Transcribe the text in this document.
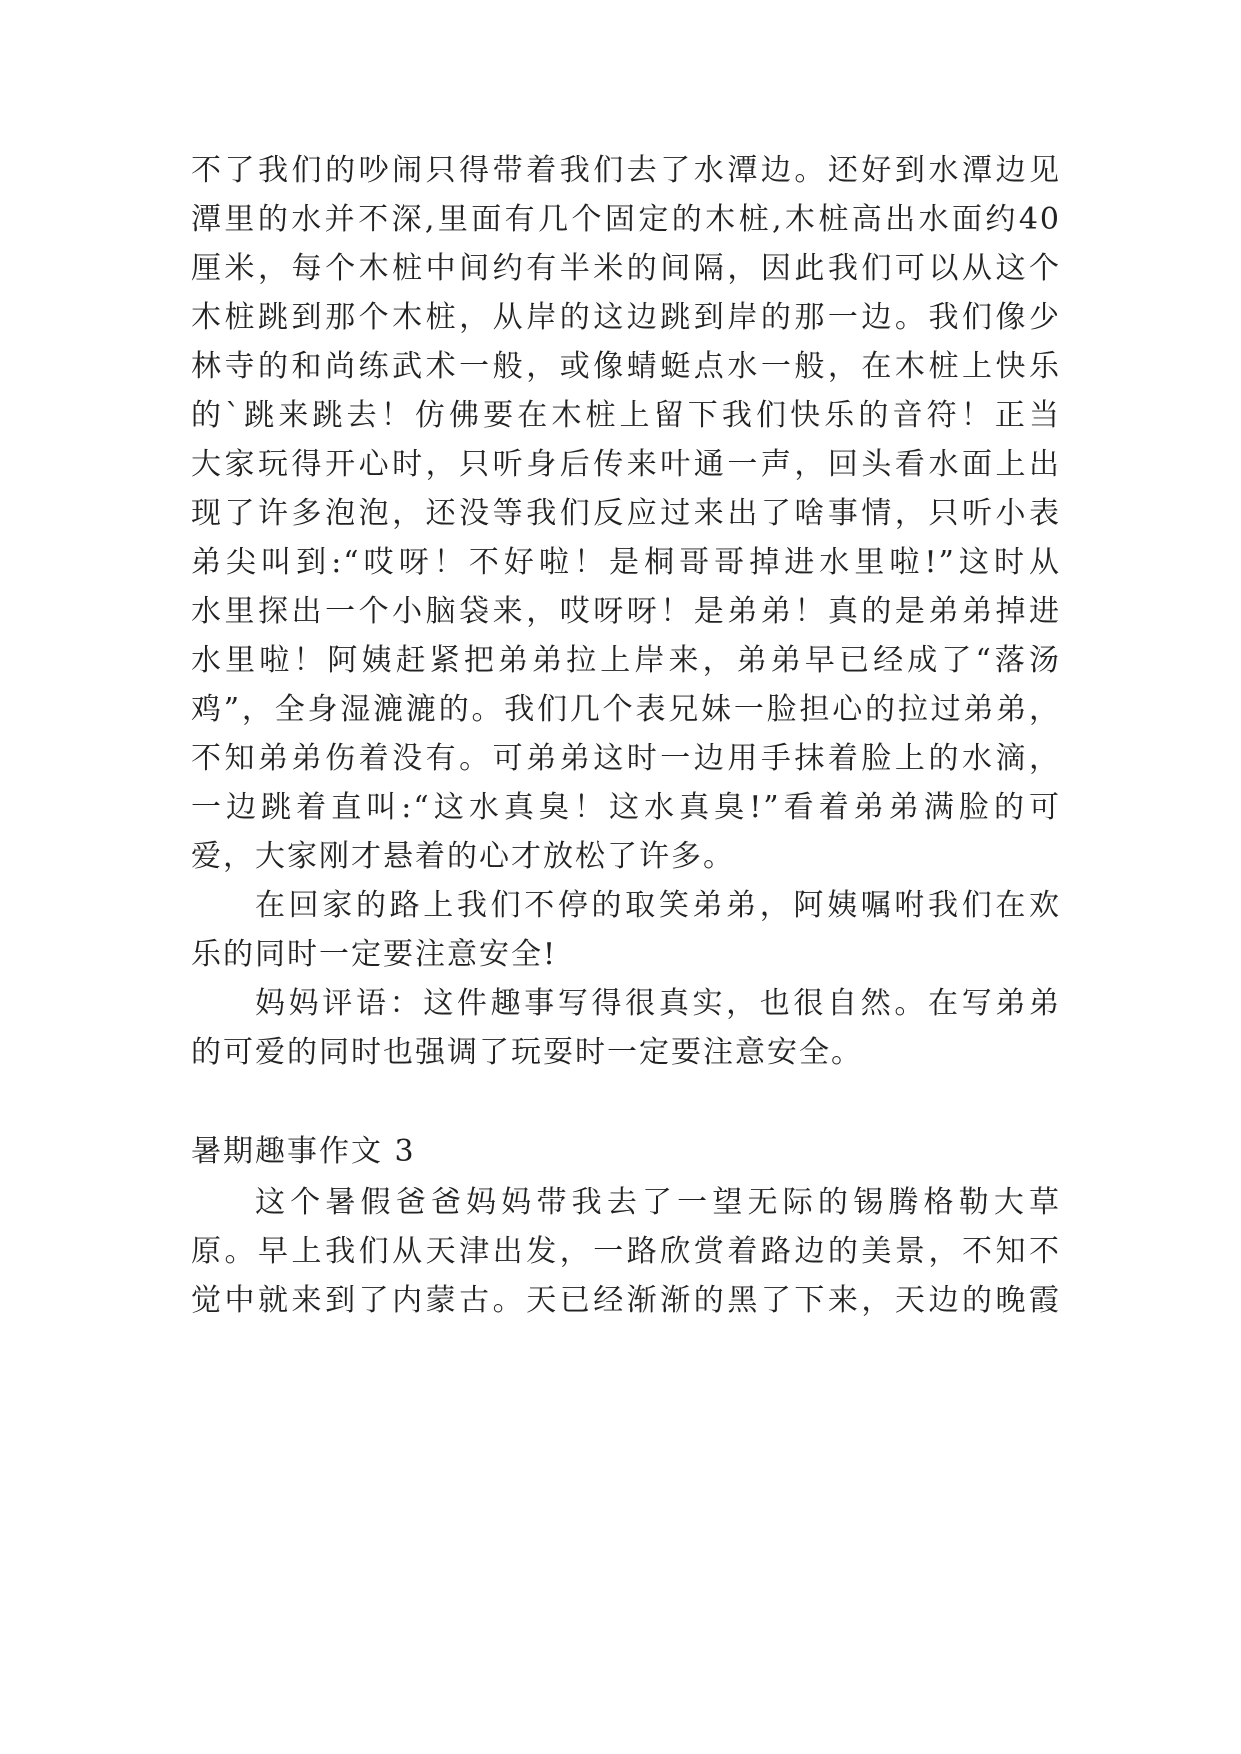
不了我们的吵闹只得带着我们去了水潭边。还好到水潭边见
潭里的水并不深,里面有几个固定的木桩,木桩高出水面约40
厘米，每个木桩中间约有半米的间隔，因此我们可以从这个
木桩跳到那个木桩，从岸的这边跳到岸的那一边。我们像少
林寺的和尚练武术一般，或像蜻蜓点水一般，在木桩上快乐
的`跳来跳去！仿佛要在木桩上留下我们快乐的音符！正当
大家玩得开心时，只听身后传来叶通一声，回头看水面上出
现了许多泡泡，还没等我们反应过来出了啥事情，只听小表
弟尖叫到:“哎呀！不好啦！是桐哥哥掉进水里啦!”这时从
水里探出一个小脑袋来，哎呀呀！是弟弟！真的是弟弟掉进
水里啦！阿姨赶紧把弟弟拉上岸来，弟弟早已经成了“落汤
鸡”，全身湿漉漉的。我们几个表兄妹一脸担心的拉过弟弟，
不知弟弟伤着没有。可弟弟这时一边用手抹着脸上的水滴，
一边跳着直叫:“这水真臭！这水真臭!”看着弟弟满脸的可
爱，大家刚才悬着的心才放松了许多。
在回家的路上我们不停的取笑弟弟，阿姨嘱咐我们在欢
乐的同时一定要注意安全!
妈妈评语：这件趣事写得很真实，也很自然。在写弟弟
的可爱的同时也强调了玩耍时一定要注意安全。
暑期趣事作文 3
这个暑假爸爸妈妈带我去了一望无际的锡腾格勒大草
原。早上我们从天津出发，一路欣赏着路边的美景，不知不
觉中就来到了内蒙古。天已经渐渐的黑了下来，天边的晚霞
